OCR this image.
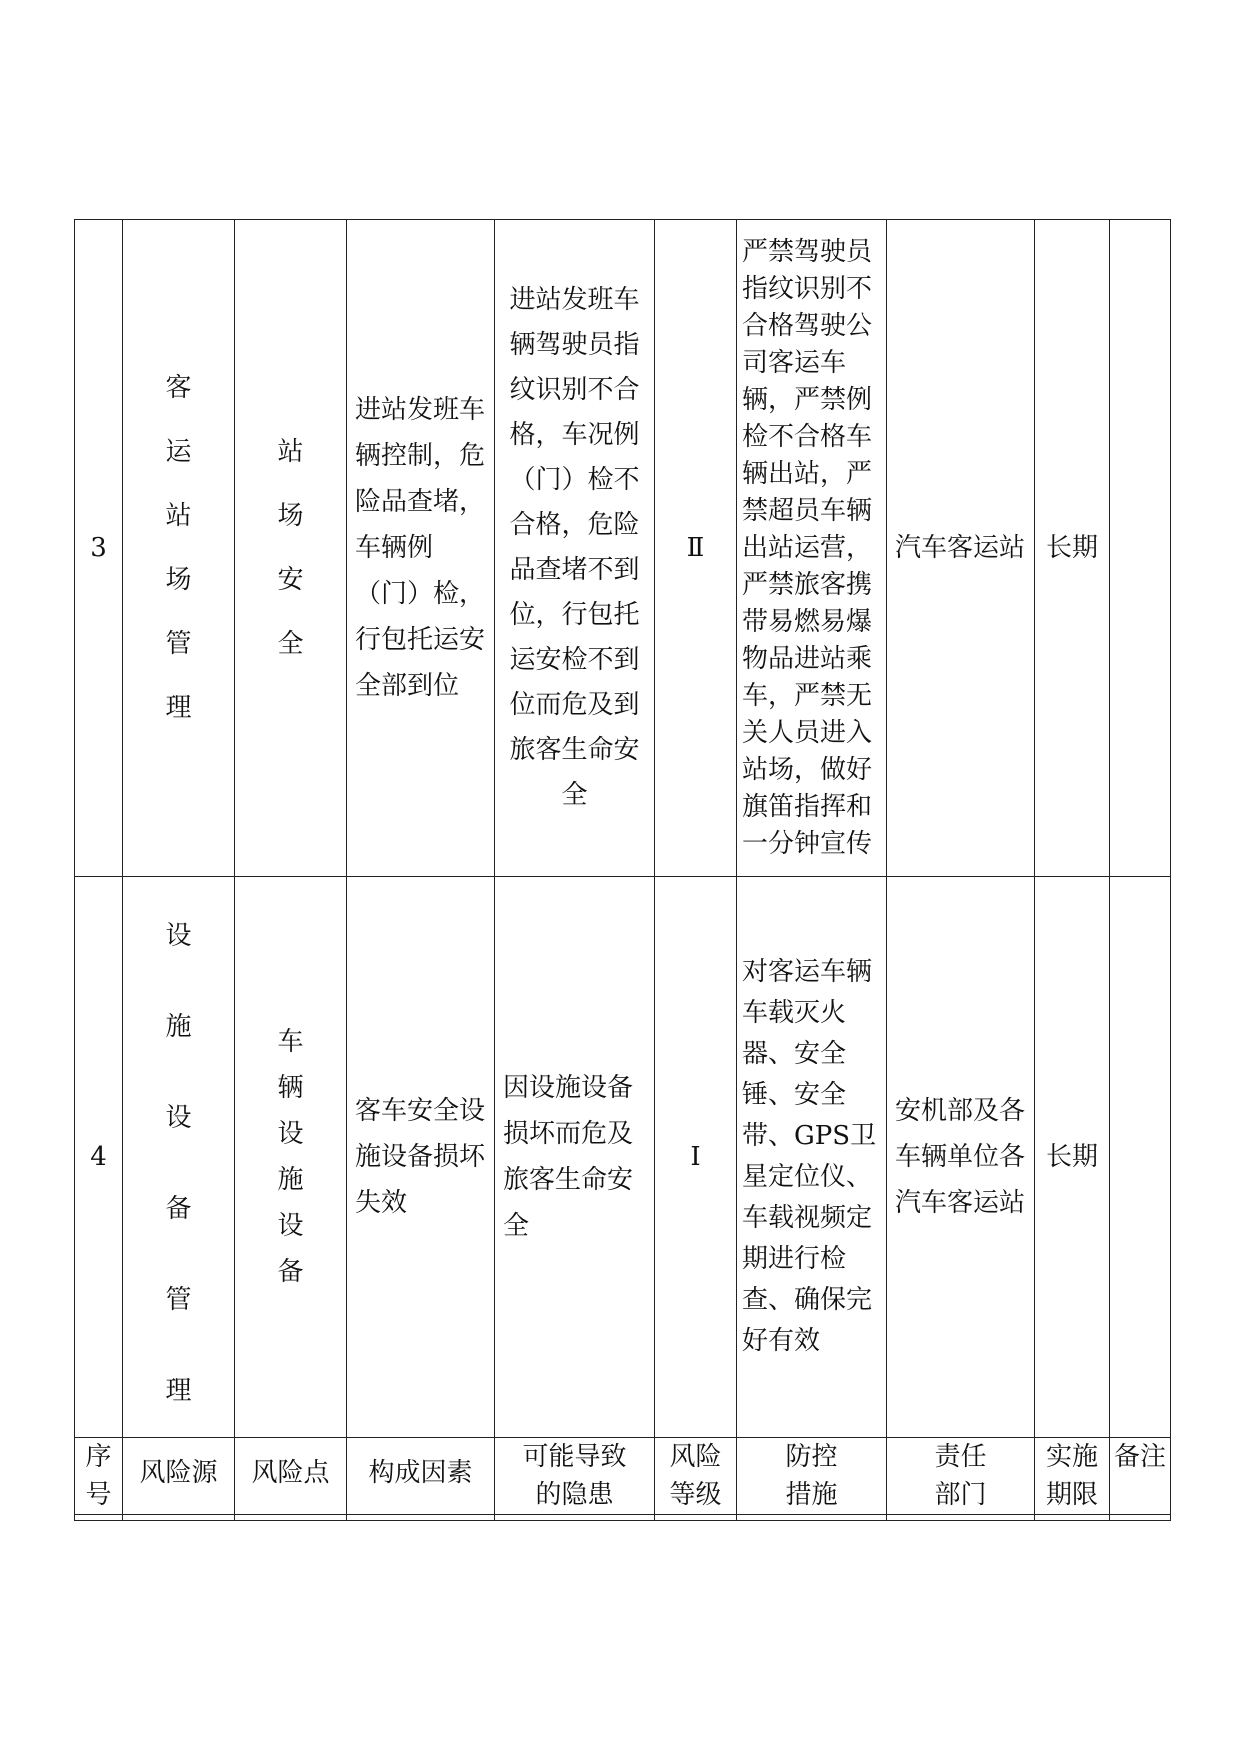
3	客运站场管理	站场安全	进站发班车辆控制，危险品查堵，车辆例（门）检，行包托运安全部到位	进站发班车辆驾驶员指纹识别不合格，车况例（门）检不合格，危险品查堵不到位，行包托运安检不到位而危及到旅客生命安全	Ⅱ	严禁驾驶员指纹识别不合格驾驶公司客运车辆，严禁例检不合格车辆出站，严禁超员车辆出站运营，严禁旅客携带易燃易爆物品进站乘车，严禁无关人员进入站场，做好旗笛指挥和一分钟宣传	汽车客运站	长期	
4	设施设备管理	车辆设施设备	客车安全设施设备损坏失效	因设施设备损坏而危及旅客生命安全	Ⅰ	对客运车辆车载灭火器、安全锤、安全带、GPS卫星定位仪、车载视频定期进行检查、确保完好有效	安机部及各车辆单位各汽车客运站	长期	
序号	风险源	风险点	构成因素	可能导致的隐患	风险等级	防控措施	责任部门	实施期限	备注
